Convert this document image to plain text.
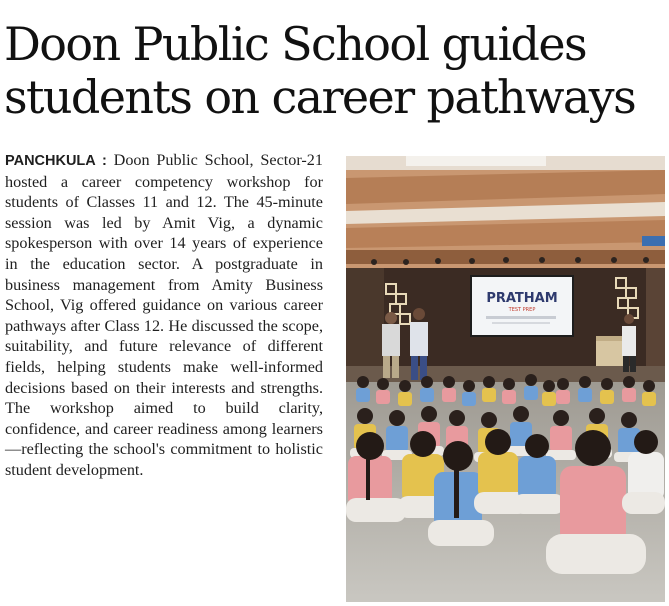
Doon Public School guides
students on career pathways

PANCHKULA : Doon Public School, Sector-21 hosted a career competency workshop for students of Classes 11 and 12. The 45-minute session was led by Amit Vig, a dynamic spokesperson with over 14 years of experience in the education sector. A postgraduate in business management from Amity Business School, Vig offered guidance on various career pathways after Class 12. He discussed the scope, suitability, and future relevance of different fields, helping students make well-informed decisions based on their interests and strengths. The workshop aimed to build clarity, confidence, and career readiness among learners—reflecting the school's commitment to holistic student development.

PRATHAM
TEST PREP
